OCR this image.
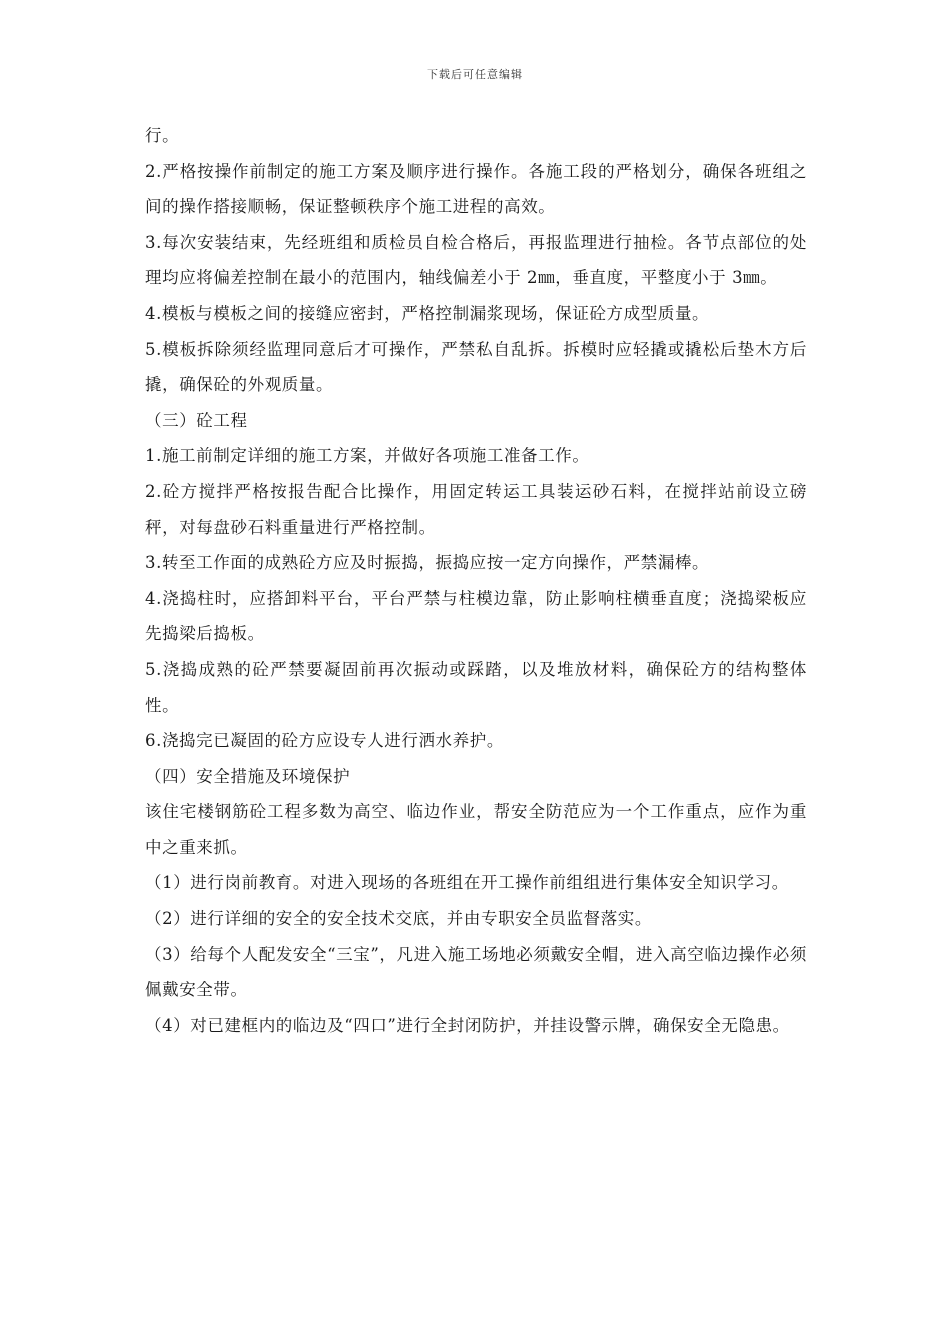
下载后可任意编辑

行。

2.严格按操作前制定的施工方案及顺序进行操作。各施工段的严格划分，确保各班组之间的操作搭接顺畅，保证整顿秩序个施工进程的高效。

3.每次安装结束，先经班组和质检员自检合格后，再报监理进行抽检。各节点部位的处理均应将偏差控制在最小的范围内，轴线偏差小于 2㎜，垂直度，平整度小于 3㎜。

4.模板与模板之间的接缝应密封，严格控制漏浆现场，保证砼方成型质量。

5.模板拆除须经监理同意后才可操作，严禁私自乱拆。拆模时应轻撬或撬松后垫木方后撬，确保砼的外观质量。

（三）砼工程

1.施工前制定详细的施工方案，并做好各项施工准备工作。

2.砼方搅拌严格按报告配合比操作，用固定转运工具装运砂石料，在搅拌站前设立磅秤，对每盘砂石料重量进行严格控制。

3.转至工作面的成熟砼方应及时振捣，振捣应按一定方向操作，严禁漏棒。

4.浇捣柱时，应搭卸料平台，平台严禁与柱模边靠，防止影响柱横垂直度；浇捣梁板应先捣梁后捣板。

5.浇捣成熟的砼严禁要凝固前再次振动或踩踏，以及堆放材料，确保砼方的结构整体性。

6.浇捣完已凝固的砼方应设专人进行洒水养护。

（四）安全措施及环境保护

该住宅楼钢筋砼工程多数为高空、临边作业，帮安全防范应为一个工作重点，应作为重中之重来抓。

（1）进行岗前教育。对进入现场的各班组在开工操作前组组进行集体安全知识学习。

（2）进行详细的安全的安全技术交底，并由专职安全员监督落实。

（3）给每个人配发安全“三宝”，凡进入施工场地必须戴安全帽，进入高空临边操作必须佩戴安全带。

（4）对已建框内的临边及“四口”进行全封闭防护，并挂设警示牌，确保安全无隐患。
